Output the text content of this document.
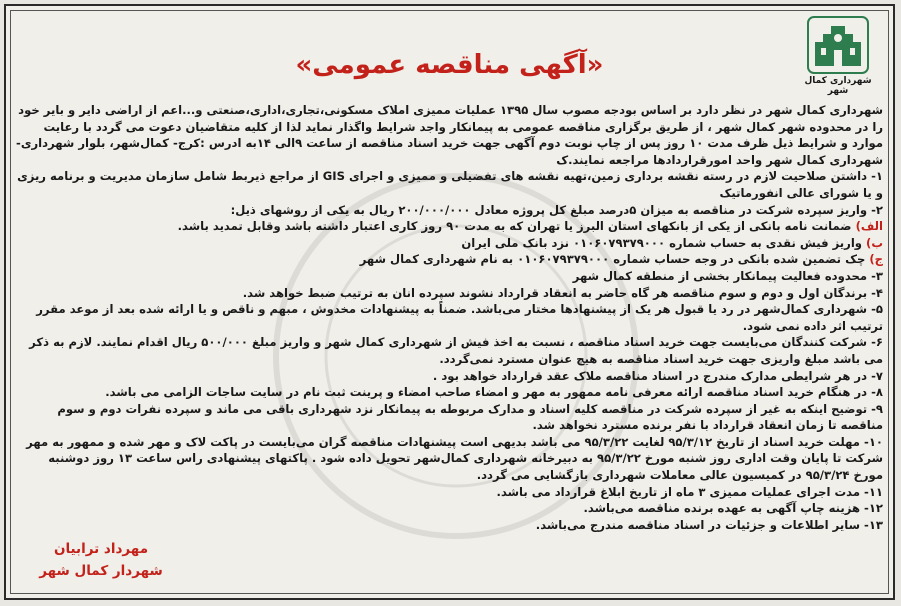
شهرداری کمال شهر
«آگهی مناقصه عمومی»

شهرداری کمال شهر در نظر دارد بر اساس بودجه مصوب سال ۱۳۹۵ عملیات ممیزی املاک مسکونی،تجاری،اداری،صنعتی و...اعم از اراضی دایر و بایر خود را در محدوده شهر کمال شهر ، از طریق برگزاری مناقصه عمومی به پیمانکار واجد شرایط واگذار نماید لذا از کلیه متقاضیان دعوت می گردد با رعایت موارد و شرایط ذیل ظرف مدت ۱۰ روز پس از چاپ نوبت دوم آگهی جهت خرید اسناد مناقصه از ساعت ۹الی ۱۴به ادرس :کرج- کمال‌شهر، بلوار شهرداری- شهرداری کمال شهر واحد امورقراردادها مراجعه نمایند.ک

۱- داشتن صلاحیت لازم در رسته نقشه برداری زمین،تهیه نقشه های تفضیلی و ممیزی و اجرای GIS از مراجع ذیربط شامل سازمان مدیریت و برنامه ریزی و یا شورای عالی انفورماتیک

۲- واریز سپرده شرکت در مناقصه به میزان ۵درصد مبلغ کل پروژه معادل ۲۰۰/۰۰۰/۰۰۰ ریال به یکی از روشهای ذیل:

الف) ضمانت نامه بانکی از یکی از بانکهای استان البرز یا تهران که به مدت ۹۰ روز کاری اعتبار داشته باشد وقابل تمدید باشد.

ب) واریز فیش نقدی به حساب شماره ۰۱۰۶۰۷۹۳۷۹۰۰۰ نزد بانک ملی ایران

ج) چک تضمین شده بانکی در وجه حساب شماره ۰۱۰۶۰۷۹۳۷۹۰۰۰ به نام شهرداری کمال شهر

۳- محدوده فعالیت پیمانکار بخشی از منطقه کمال شهر

۴- برندگان اول و دوم و سوم مناقصه هر گاه حاضر به انعقاد قرارداد نشوند سپرده انان به ترتیب ضبط خواهد شد.

۵- شهرداری کمال‌شهر در رد یا قبول هر یک از پیشنهادها مختار می‌باشد. ضمناً به پیشنهادات مخدوش ، مبهم و ناقص و یا ارائه شده بعد از موعد مقرر ترتیب اثر داده نمی شود.

۶- شرکت کنندگان می‌بایست جهت خرید اسناد مناقصه ، نسبت به اخذ فیش از شهرداری کمال شهر و واریز مبلغ ۵۰۰/۰۰۰ ریال اقدام نمایند. لازم به ذکر می باشد مبلغ واریزی جهت خرید اسناد مناقصه به هیچ عنوان مسترد نمی‌گردد.

۷- در هر شرایطی مدارک مندرج در اسناد مناقصه ملاک عقد قرارداد خواهد بود .

۸- در هنگام خرید اسناد مناقصه ارائه معرفی نامه ممهور به مهر و امضاء صاحب امضاء و پرینت ثبت نام در سایت ساجات الزامی می باشد.

۹- توضیح اینکه به غیر از سپرده شرکت در مناقصه کلیه اسناد و مدارک مربوطه به پیمانکار نزد شهرداری باقی می ماند و سپرده نفرات دوم و سوم مناقصه تا زمان انعقاد قرارداد با نفر برنده مسترد نخواهد شد.

۱۰- مهلت خرید اسناد از تاریخ ۹۵/۳/۱۲ لغایت ۹۵/۳/۲۲ می باشد بدیهی است پیشنهادات مناقصه گران می‌بایست در پاکت لاک و مهر شده و ممهور به مهر شرکت تا پایان وقت اداری روز شنبه مورخ ۹۵/۳/۲۲ به دبیرخانه شهرداری کمال‌شهر تحویل داده شود . پاکتهای پیشنهادی راس ساعت ۱۳ روز دوشنبه مورخ ۹۵/۳/۲۴ در کمیسیون عالی معاملات شهرداری بازگشایی می گردد.

۱۱- مدت اجرای عملیات ممیزی ۳ ماه از تاریخ ابلاغ قرارداد می باشد.

۱۲- هزینه چاپ آگهی به عهده برنده مناقصه می‌باشد.

۱۳- سایر اطلاعات و جزئیات در اسناد مناقصه مندرج می‌باشد.

مهرداد ترابیان
شهردار کمال شهر
